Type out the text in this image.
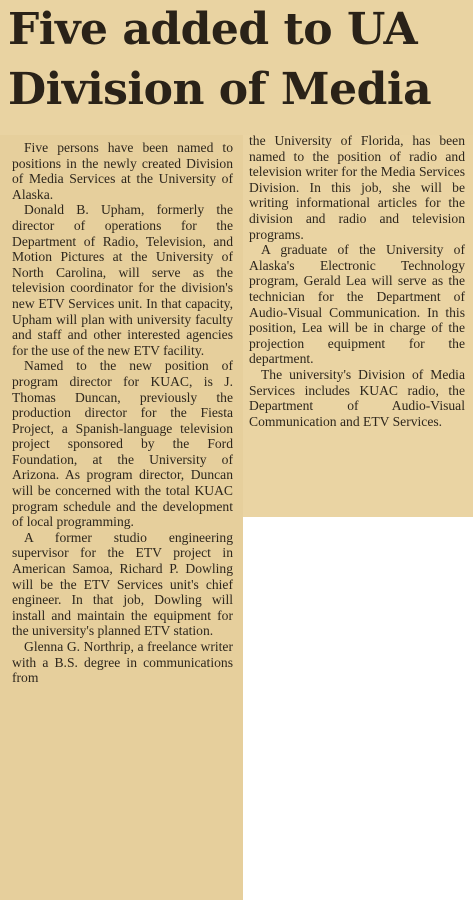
Five added to UA
Division of Media

Five persons have been named to positions in the newly created Division of Media Services at the University of Alaska.

Donald B. Upham, formerly the director of operations for the Department of Radio, Television, and Motion Pictures at the University of North Carolina, will serve as the television coordinator for the division's new ETV Services unit. In that capacity, Upham will plan with university faculty and staff and other interested agencies for the use of the new ETV facility.

Named to the new position of program director for KUAC, is J. Thomas Duncan, previously the production director for the Fiesta Project, a Spanish-language television project sponsored by the Ford Foundation, at the University of Arizona. As program director, Duncan will be concerned with the total KUAC program schedule and the development of local programming.

A former studio engineering supervisor for the ETV project in American Samoa, Richard P. Dowling will be the ETV Services unit's chief engineer. In that job, Dowling will install and maintain the equipment for the university's planned ETV station.

Glenna G. Northrip, a freelance writer with a B.S. degree in communications from

the University of Florida, has been named to the position of radio and television writer for the Media Services Division. In this job, she will be writing informational articles for the division and radio and television programs.

A graduate of the University of Alaska's Electronic Technology program, Gerald Lea will serve as the technician for the Department of Audio-Visual Communication. In this position, Lea will be in charge of the projection equipment for the department.

The university's Division of Media Services includes KUAC radio, the Department of Audio-Visual Communication and ETV Services.
